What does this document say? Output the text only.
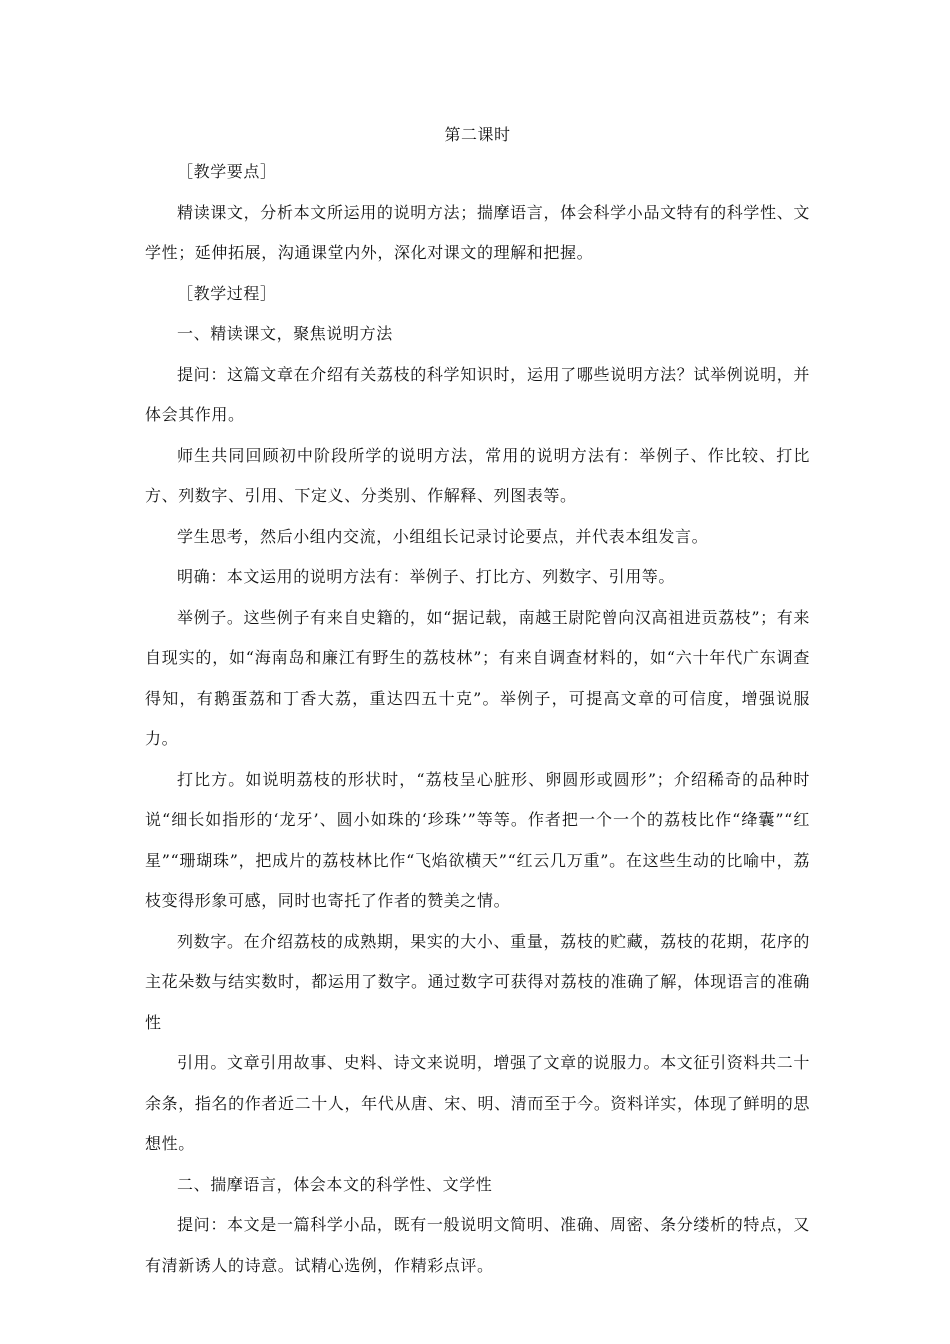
第二课时

［教学要点］

精读课文，分析本文所运用的说明方法；揣摩语言，体会科学小品文特有的科学性、文学性；延伸拓展，沟通课堂内外，深化对课文的理解和把握。

［教学过程］

一、精读课文，聚焦说明方法

提问：这篇文章在介绍有关荔枝的科学知识时，运用了哪些说明方法？试举例说明，并体会其作用。

师生共同回顾初中阶段所学的说明方法，常用的说明方法有：举例子、作比较、打比方、列数字、引用、下定义、分类别、作解释、列图表等。

学生思考，然后小组内交流，小组组长记录讨论要点，并代表本组发言。

明确：本文运用的说明方法有：举例子、打比方、列数字、引用等。

举例子。这些例子有来自史籍的，如“据记载，南越王尉陀曾向汉高祖进贡荔枝”；有来自现实的，如“海南岛和廉江有野生的荔枝林”；有来自调查材料的，如“六十年代广东调查得知，有鹅蛋荔和丁香大荔，重达四五十克”。举例子，可提高文章的可信度，增强说服力。

打比方。如说明荔枝的形状时，“荔枝呈心脏形、卵圆形或圆形”；介绍稀奇的品种时说“细长如指形的‘龙牙’、圆小如珠的‘珍珠’”等等。作者把一个一个的荔枝比作“绛囊”“红星”“珊瑚珠”，把成片的荔枝林比作“飞焰欲横天”“红云几万重”。在这些生动的比喻中，荔枝变得形象可感，同时也寄托了作者的赞美之情。

列数字。在介绍荔枝的成熟期，果实的大小、重量，荔枝的贮藏，荔枝的花期，花序的主花朵数与结实数时，都运用了数字。通过数字可获得对荔枝的准确了解，体现语言的准确性

引用。文章引用故事、史料、诗文来说明，增强了文章的说服力。本文征引资料共二十余条，指名的作者近二十人，年代从唐、宋、明、清而至于今。资料详实，体现了鲜明的思想性。

二、揣摩语言，体会本文的科学性、文学性

提问：本文是一篇科学小品，既有一般说明文简明、准确、周密、条分缕析的特点，又有清新诱人的诗意。试精心选例，作精彩点评。
